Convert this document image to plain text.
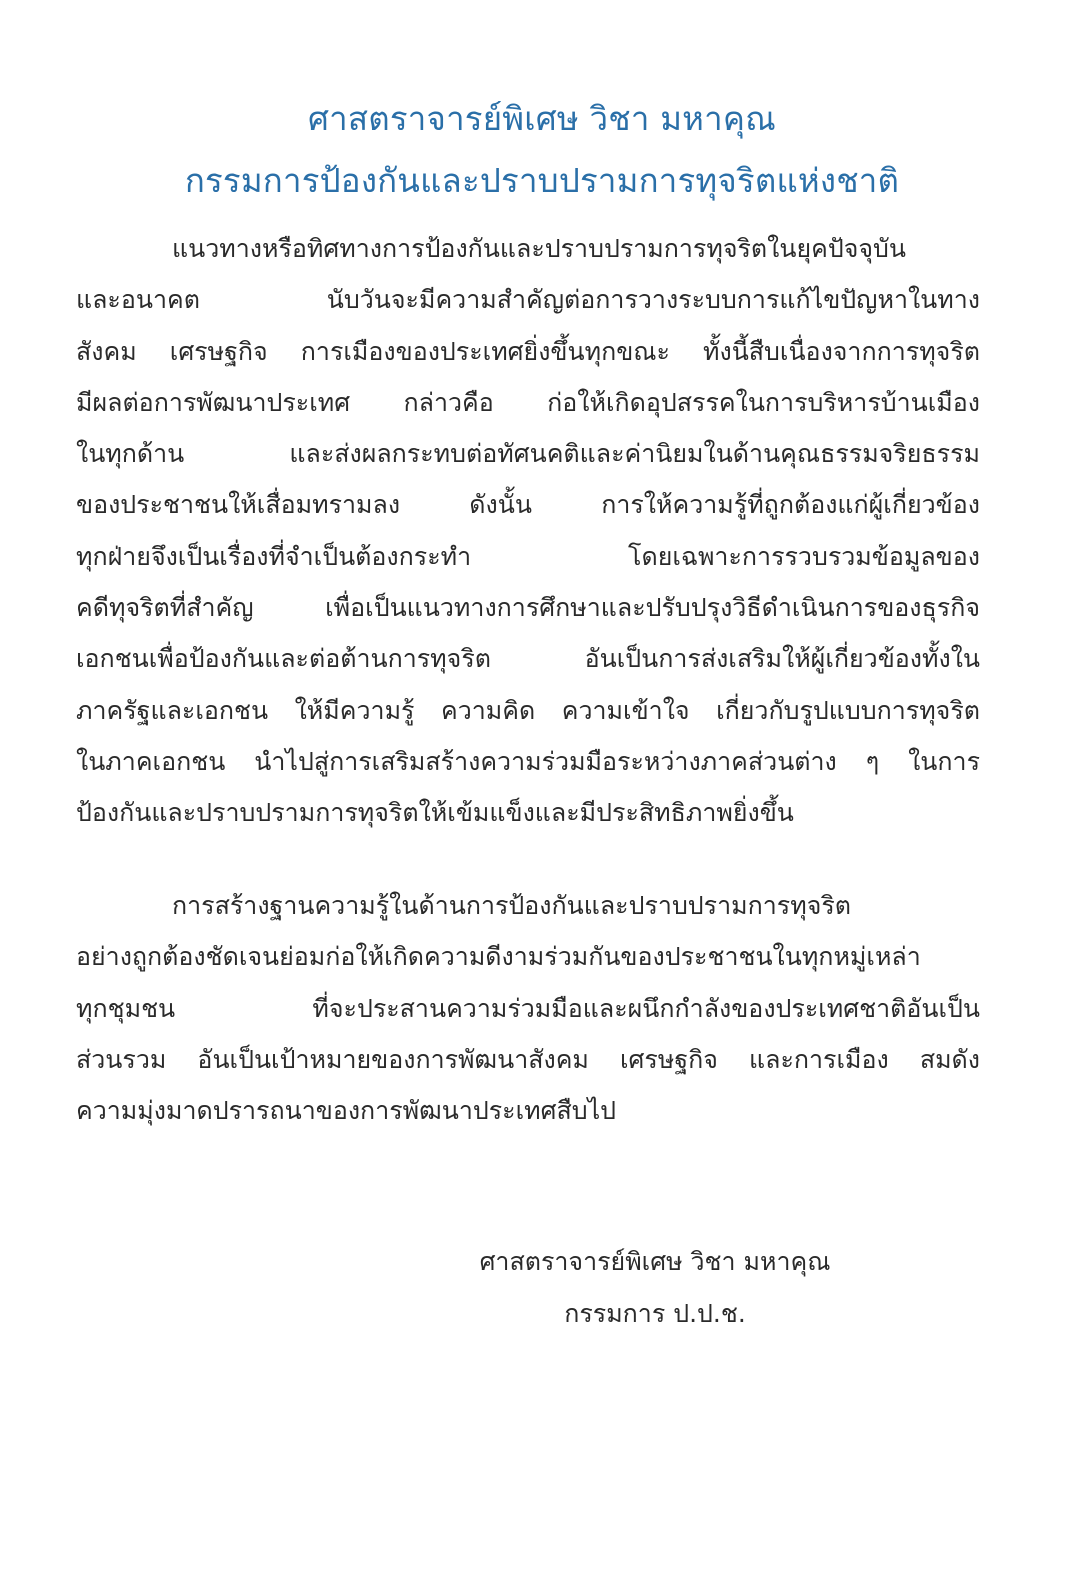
ศาสตราจารย์พิเศษ วิชา มหาคุณ
กรรมการป้องกันและปราบปรามการทุจริตแห่งชาติ
แนวทางหรือทิศทางการป้องกันและปราบปรามการทุจริตในยุคปัจจุบัน
และอนาคต นับวันจะมีความสำคัญต่อการวางระบบการแก้ไขปัญหาในทาง
สังคม เศรษฐกิจ การเมืองของประเทศยิ่งขึ้นทุกขณะ ทั้งนี้สืบเนื่องจากการทุจริต
มีผลต่อการพัฒนาประเทศ กล่าวคือ ก่อให้เกิดอุปสรรคในการบริหารบ้านเมือง
ในทุกด้าน และส่งผลกระทบต่อทัศนคติและค่านิยมในด้านคุณธรรมจริยธรรม
ของประชาชนให้เสื่อมทรามลง ดังนั้น การให้ความรู้ที่ถูกต้องแก่ผู้เกี่ยวข้อง
ทุกฝ่ายจึงเป็นเรื่องที่จำเป็นต้องกระทำ โดยเฉพาะการรวบรวมข้อมูลของ
คดีทุจริตที่สำคัญ เพื่อเป็นแนวทางการศึกษาและปรับปรุงวิธีดำเนินการของธุรกิจ
เอกชนเพื่อป้องกันและต่อต้านการทุจริต อันเป็นการส่งเสริมให้ผู้เกี่ยวข้องทั้งใน
ภาครัฐและเอกชน ให้มีความรู้ ความคิด ความเข้าใจ เกี่ยวกับรูปแบบการทุจริต
ในภาคเอกชน นำไปสู่การเสริมสร้างความร่วมมือระหว่างภาคส่วนต่าง ๆ ในการ
ป้องกันและปราบปรามการทุจริตให้เข้มแข็งและมีประสิทธิภาพยิ่งขึ้น
การสร้างฐานความรู้ในด้านการป้องกันและปราบปรามการทุจริต
อย่างถูกต้องชัดเจนย่อมก่อให้เกิดความดีงามร่วมกันของประชาชนในทุกหมู่เหล่า
ทุกชุมชน ที่จะประสานความร่วมมือและผนึกกำลังของประเทศชาติอันเป็น
ส่วนรวม อันเป็นเป้าหมายของการพัฒนาสังคม เศรษฐกิจ และการเมือง สมดัง
ความมุ่งมาดปรารถนาของการพัฒนาประเทศสืบไป
ศาสตราจารย์พิเศษ วิชา มหาคุณ
กรรมการ ป.ป.ช.
